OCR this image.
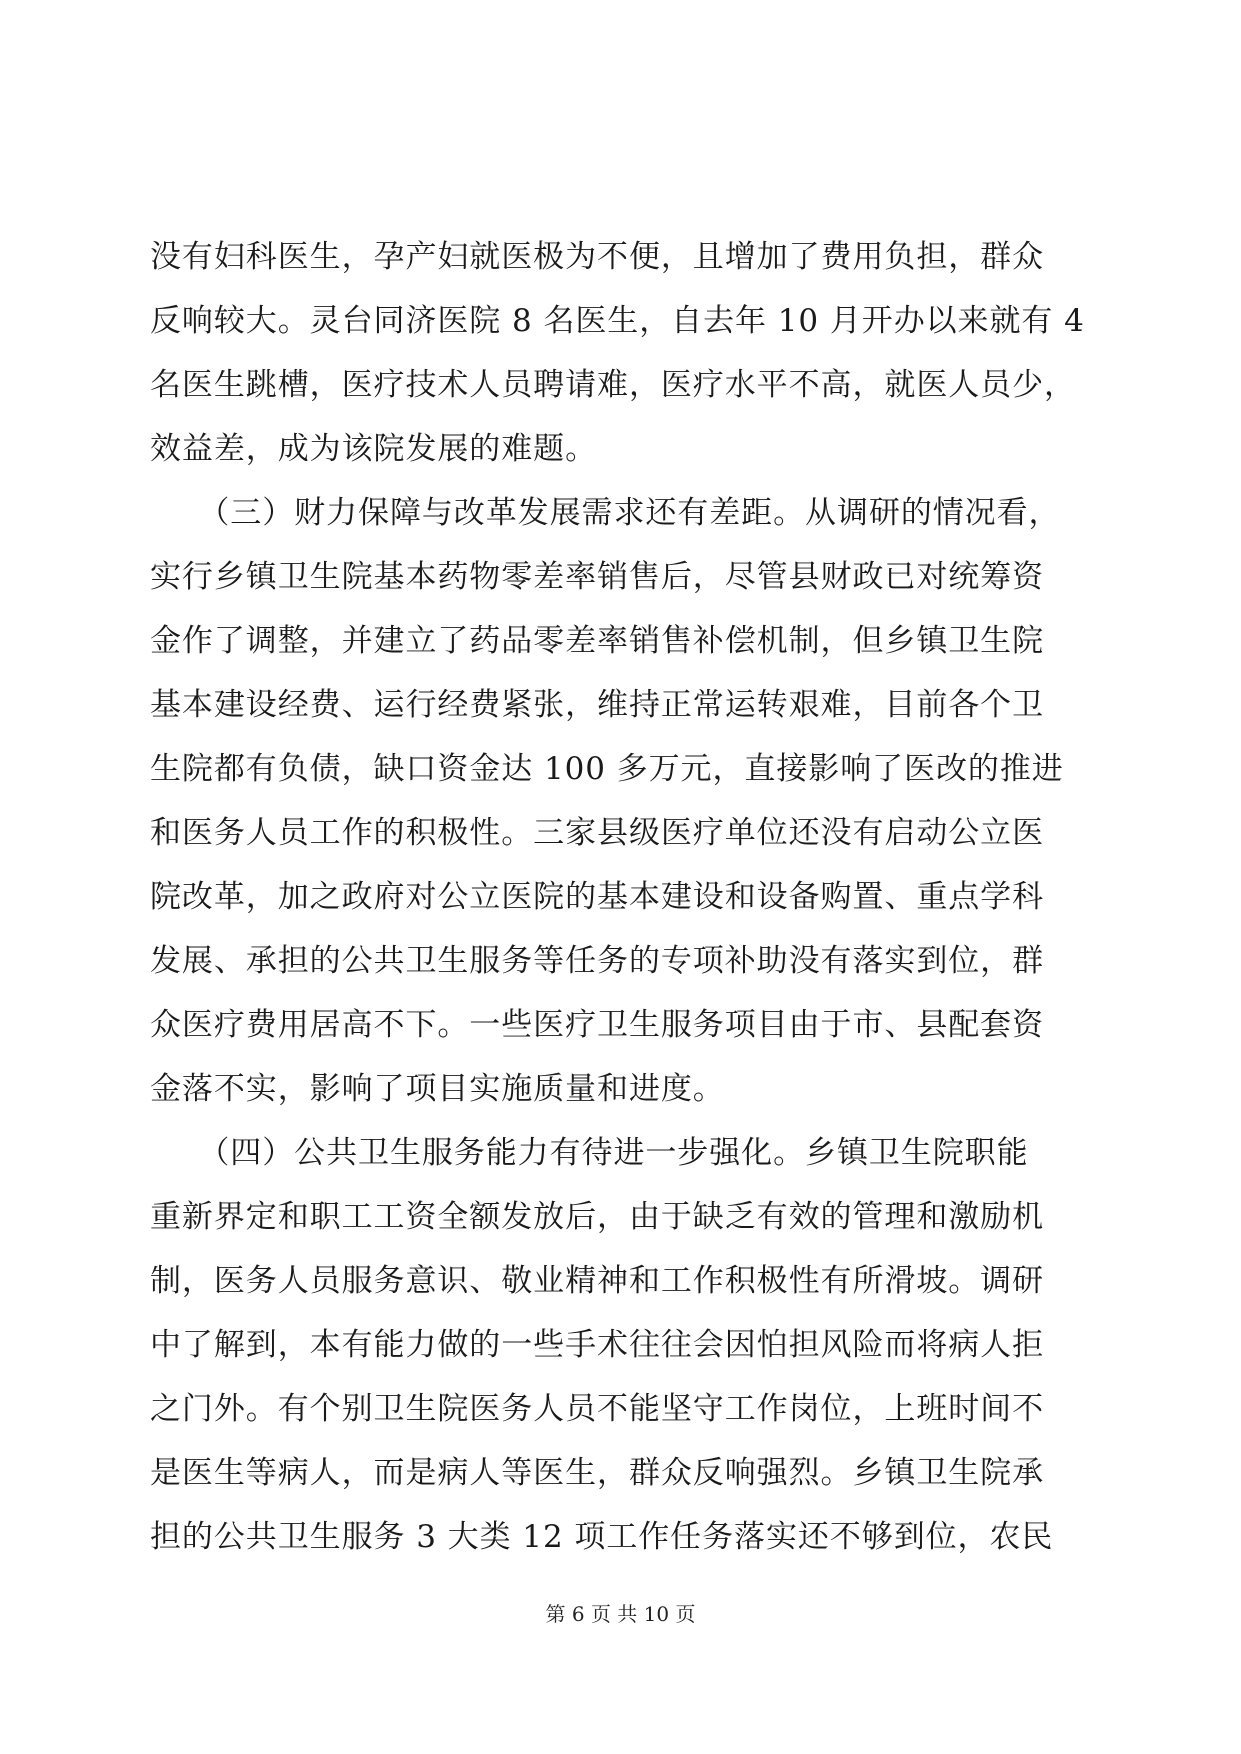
没有妇科医生，孕产妇就医极为不便，且增加了费用负担，群众
反响较大。灵台同济医院 8 名医生，自去年 10 月开办以来就有 4
名医生跳槽，医疗技术人员聘请难，医疗水平不高，就医人员少，
效益差，成为该院发展的难题。
　　（三）财力保障与改革发展需求还有差距。从调研的情况看，
实行乡镇卫生院基本药物零差率销售后，尽管县财政已对统筹资
金作了调整，并建立了药品零差率销售补偿机制，但乡镇卫生院
基本建设经费、运行经费紧张，维持正常运转艰难，目前各个卫
生院都有负债，缺口资金达 100 多万元，直接影响了医改的推进
和医务人员工作的积极性。三家县级医疗单位还没有启动公立医
院改革，加之政府对公立医院的基本建设和设备购置、重点学科
发展、承担的公共卫生服务等任务的专项补助没有落实到位，群
众医疗费用居高不下。一些医疗卫生服务项目由于市、县配套资
金落不实，影响了项目实施质量和进度。
　　（四）公共卫生服务能力有待进一步强化。乡镇卫生院职能
重新界定和职工工资全额发放后，由于缺乏有效的管理和激励机
制，医务人员服务意识、敬业精神和工作积极性有所滑坡。调研
中了解到，本有能力做的一些手术往往会因怕担风险而将病人拒
之门外。有个别卫生院医务人员不能坚守工作岗位，上班时间不
是医生等病人，而是病人等医生，群众反响强烈。乡镇卫生院承
担的公共卫生服务 3 大类 12 项工作任务落实还不够到位，农民
第 6 页 共 10 页
